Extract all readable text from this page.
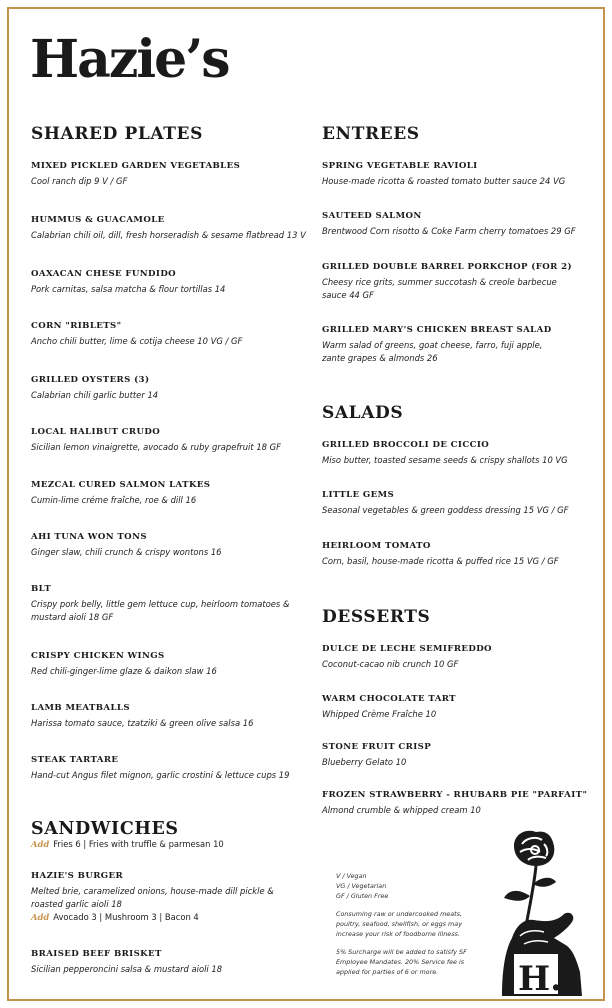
Hazie’s
SHARED PLATES
MIXED PICKLED GARDEN VEGETABLES
Cool ranch dip 9 V / GF
HUMMUS & GUACAMOLE
Calabrian chili oil, dill, fresh horseradish & sesame flatbread 13 V
OAXACAN CHESE FUNDIDO
Pork carnitas, salsa matcha & flour tortillas 14
CORN "RIBLETS"
Ancho chili butter, lime & cotija cheese 10 VG / GF
GRILLED OYSTERS (3)
Calabrian chili garlic butter 14
LOCAL HALIBUT CRUDO
Sicilian lemon vinaigrette, avocado & ruby grapefruit 18 GF
MEZCAL CURED SALMON LATKES
Cumin-lime créme fraîche, roe & dill 16
AHI TUNA WON TONS
Ginger slaw, chili crunch & crispy wontons 16
BLT
Crispy pork belly, little gem lettuce cup, heirloom tomatoes & mustard aioli 18 GF
CRISPY CHICKEN WINGS
Red chili-ginger-lime glaze & daikon slaw 16
LAMB MEATBALLS
Harissa tomato sauce, tzatziki & green olive salsa 16
STEAK TARTARE
Hand-cut Angus filet mignon, garlic crostini & lettuce cups 19
SANDWICHES
Add Fries 6 | Fries with truffle & parmesan 10
HAZIE'S BURGER
Melted brie, caramelized onions, house-made dill pickle & roasted garlic aioli 18
Add Avocado 3 | Mushroom 3 | Bacon 4
BRAISED BEEF BRISKET
Sicilian pepperoncini salsa & mustard aioli 18
ENTREES
SPRING VEGETABLE RAVIOLI
House-made ricotta & roasted tomato butter sauce 24 VG
SAUTEED SALMON
Brentwood Corn risotto & Coke Farm cherry tomatoes 29 GF
GRILLED DOUBLE BARREL PORKCHOP (FOR 2)
Cheesy rice grits, summer succotash & creole barbecue sauce 44 GF
GRILLED MARY'S CHICKEN BREAST SALAD
Warm salad of greens, goat cheese, farro, fuji apple, zante grapes & almonds 26
SALADS
GRILLED BROCCOLI DE CICCIO
Miso butter, toasted sesame seeds & crispy shallots 10 VG
LITTLE GEMS
Seasonal vegetables & green goddess dressing 15 VG / GF
HEIRLOOM TOMATO
Corn, basil, house-made ricotta & puffed rice 15 VG / GF
DESSERTS
DULCE DE LECHE SEMIFREDDO
Coconut-cacao nib crunch 10 GF
WARM CHOCOLATE TART
Whipped Crème Fraîche 10
STONE FRUIT CRISP
Blueberry Gelato 10
FROZEN STRAWBERRY - RHUBARB PIE "PARFAIT"
Almond crumble & whipped cream 10

V / Vegan

VG / Vegetarian

GF / Gluten Free

Consuming raw or undercooked meats, poultry, seafood, shellfish, or eggs may increase your risk of foodborne illness.

5% Surcharge will be added to satisfy SF Employee Mandates. 20% Service fee is applied for parties of 6 or more.	H.
